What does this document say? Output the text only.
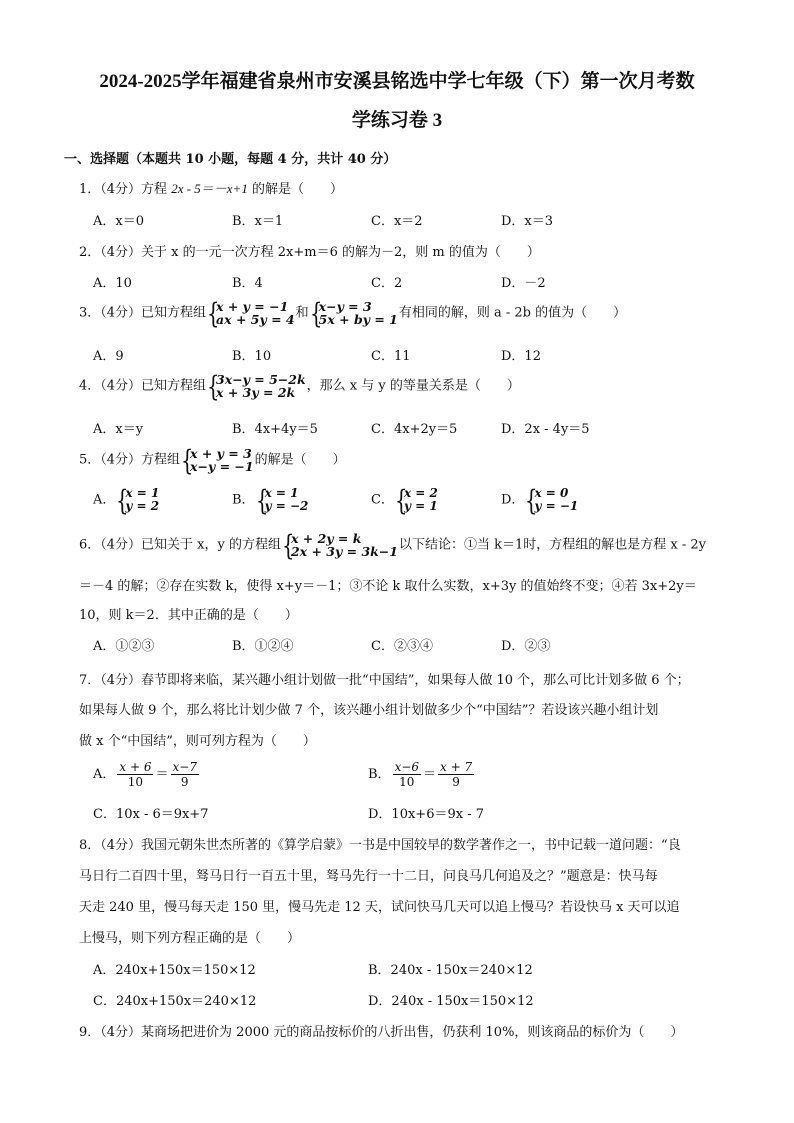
2024-2025学年福建省泉州市安溪县铭选中学七年级（下）第一次月考数
学练习卷 3
一、选择题（本题共 10 小题，每题 4 分，共计 40 分）
1．（4分）方程 2x - 5＝－x+1 的解是（　　）
A．x＝0	B．x＝1	C．x＝2	D．x＝3
2．（4分）关于 x 的一元一次方程 2x+m＝6 的解为－2，则 m 的值为（　　）
A．10	B．4	C．2	D．－2
3．（4分）已知方程组 {
x + y = −1
ax + 5y = 4 和 {
x−y = 3
5x + by = 1 有相同的解，则 a - 2b 的值为（　　）
A．9	B．10	C．11	D．12
4．（4分）已知方程组 {
3x−y = 5−2k
x + 3y = 2k ，那么 x 与 y 的等量关系是（　　）
A．x＝y	B．4x+4y＝5	C．4x+2y＝5	D．2x - 4y＝5
5．（4分）方程组 {
x + y = 3
x−y = −1 的解是（　　）
A． {
x = 1
y = 2	B． {
x = 1
y = −2	C． {
x = 2
y = 1	D． {
x = 0
y = −1
6．（4分）已知关于 x，y 的方程组 {
x + 2y = k
2x + 3y = 3k−1 以下结论：①当 k＝1时，方程组的解也是方程 x - 2y
＝－4 的解；②存在实数 k，使得 x+y＝－1；③不论 k 取什么实数，x+3y 的值始终不变；④若 3x+2y＝
10，则 k＝2．其中正确的是（　　）
A．①②③	B．①②④	C．②③④	D．②③
7．（4分）春节即将来临，某兴趣小组计划做一批“中国结”，如果每人做 10 个，那么可比计划多做 6 个；
如果每人做 9 个，那么将比计划少做 7 个，该兴趣小组计划做多少个“中国结”？若设该兴趣小组计划
做 x 个“中国结”，则可列方程为（　　）
A． $\frac{x + 6}{10} = \frac{x-7}{9}$	B． $\frac{x-6}{10} = \frac{x + 7}{9}$
C．10x - 6＝9x+7	D．10x+6＝9x - 7
8．（4分）我国元朝朱世杰所著的《算学启蒙》一书是中国较早的数学著作之一，书中记载一道问题：“良
马日行二百四十里，驽马日行一百五十里，驽马先行一十二日，问良马几何追及之？”题意是：快马每
天走 240 里，慢马每天走 150 里，慢马先走 12 天，试问快马几天可以追上慢马？若设快马 x 天可以追
上慢马，则下列方程正确的是（　　）
A．240x+150x＝150×12	B．240x - 150x＝240×12
C．240x+150x＝240×12	D．240x - 150x＝150×12
9．（4分）某商场把进价为 2000 元的商品按标价的八折出售，仍获利 10%，则该商品的标价为（　　）
